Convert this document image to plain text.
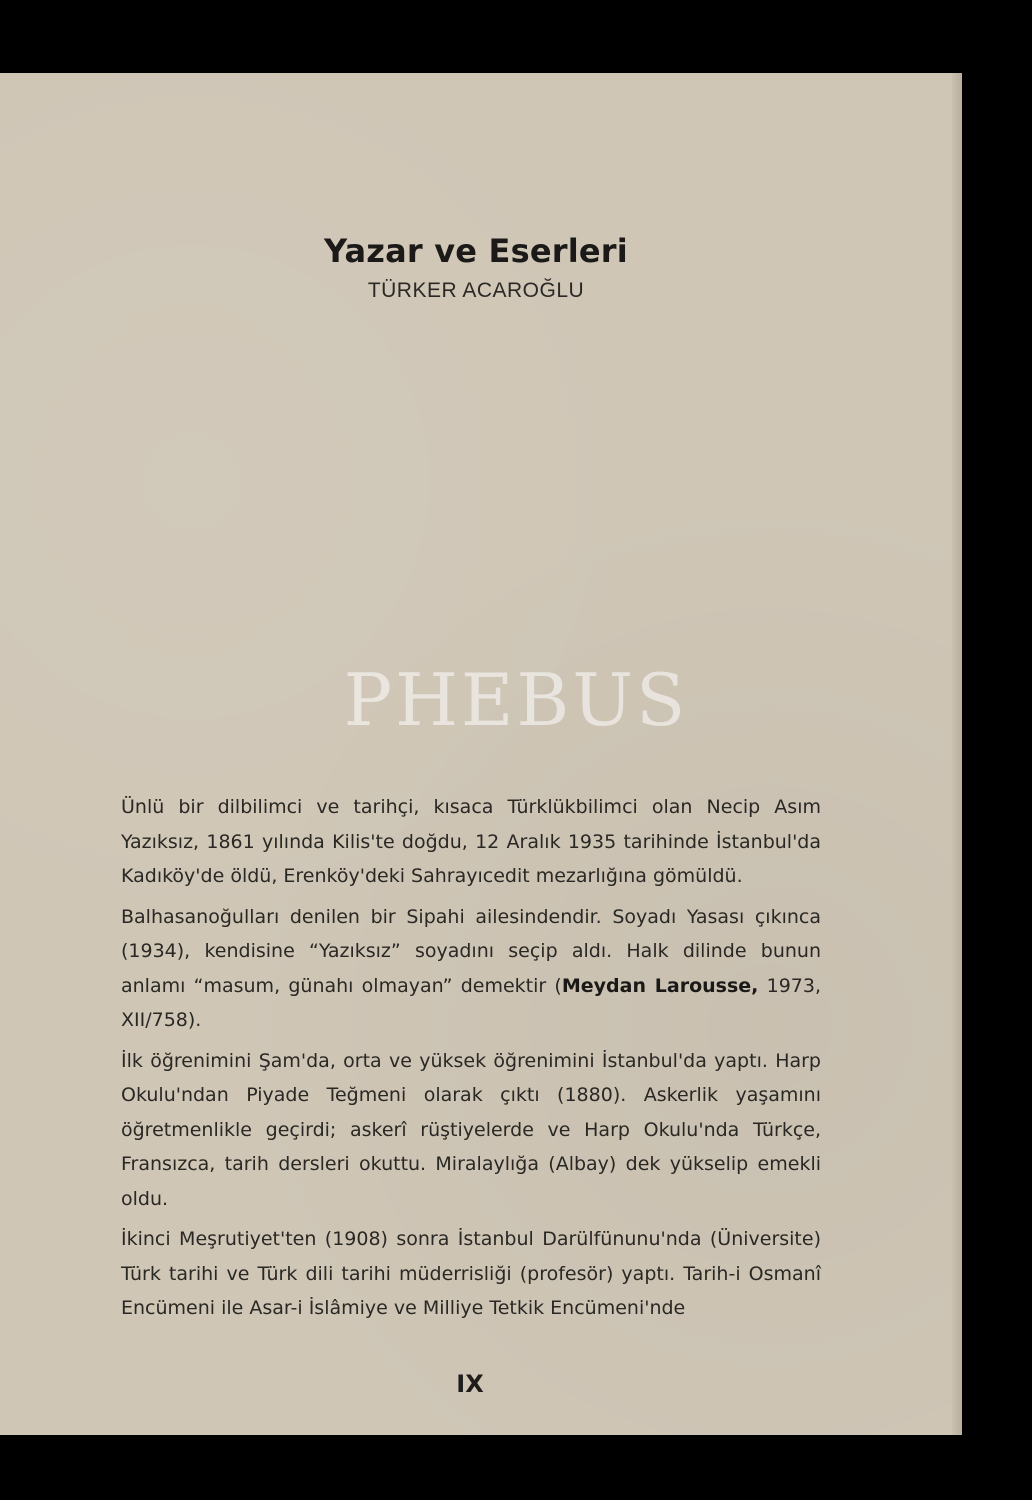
Yazar ve Eserleri
TÜRKER ACAROĞLU

Ünlü bir dilbilimci ve tarihçi, kısaca Türklükbilimci olan Necip Asım Yazıksız, 1861 yılında Kilis'te doğdu, 12 Aralık 1935 tarihinde İstanbul'da Kadıköy'de öldü, Erenköy'deki Sahrayıcedit mezarlığına gömüldü.

Balhasanoğulları denilen bir Sipahi ailesindendir. Soyadı Yasası çıkınca (1934), kendisine “Yazıksız” soyadını seçip aldı. Halk dilinde bunun anlamı “masum, günahı olmayan” demektir (Meydan Larousse, 1973, XII/758).

İlk öğrenimini Şam'da, orta ve yüksek öğrenimini İstanbul'da yaptı. Harp Okulu'ndan Piyade Teğmeni olarak çıktı (1880). Askerlik yaşamını öğretmenlikle geçirdi; askerî rüştiyelerde ve Harp Okulu'nda Türkçe, Fransızca, tarih dersleri okuttu. Miralaylığa (Albay) dek yükselip emekli oldu.

İkinci Meşrutiyet'ten (1908) sonra İstanbul Darülfünunu'nda (Üniversite) Türk tarihi ve Türk dili tarihi müderrisliği (profesör) yaptı. Tarih-i Osmanî Encümeni ile Asar-i İslâmiye ve Milliye Tetkik Encümeni'nde

IX
PHEBUS
